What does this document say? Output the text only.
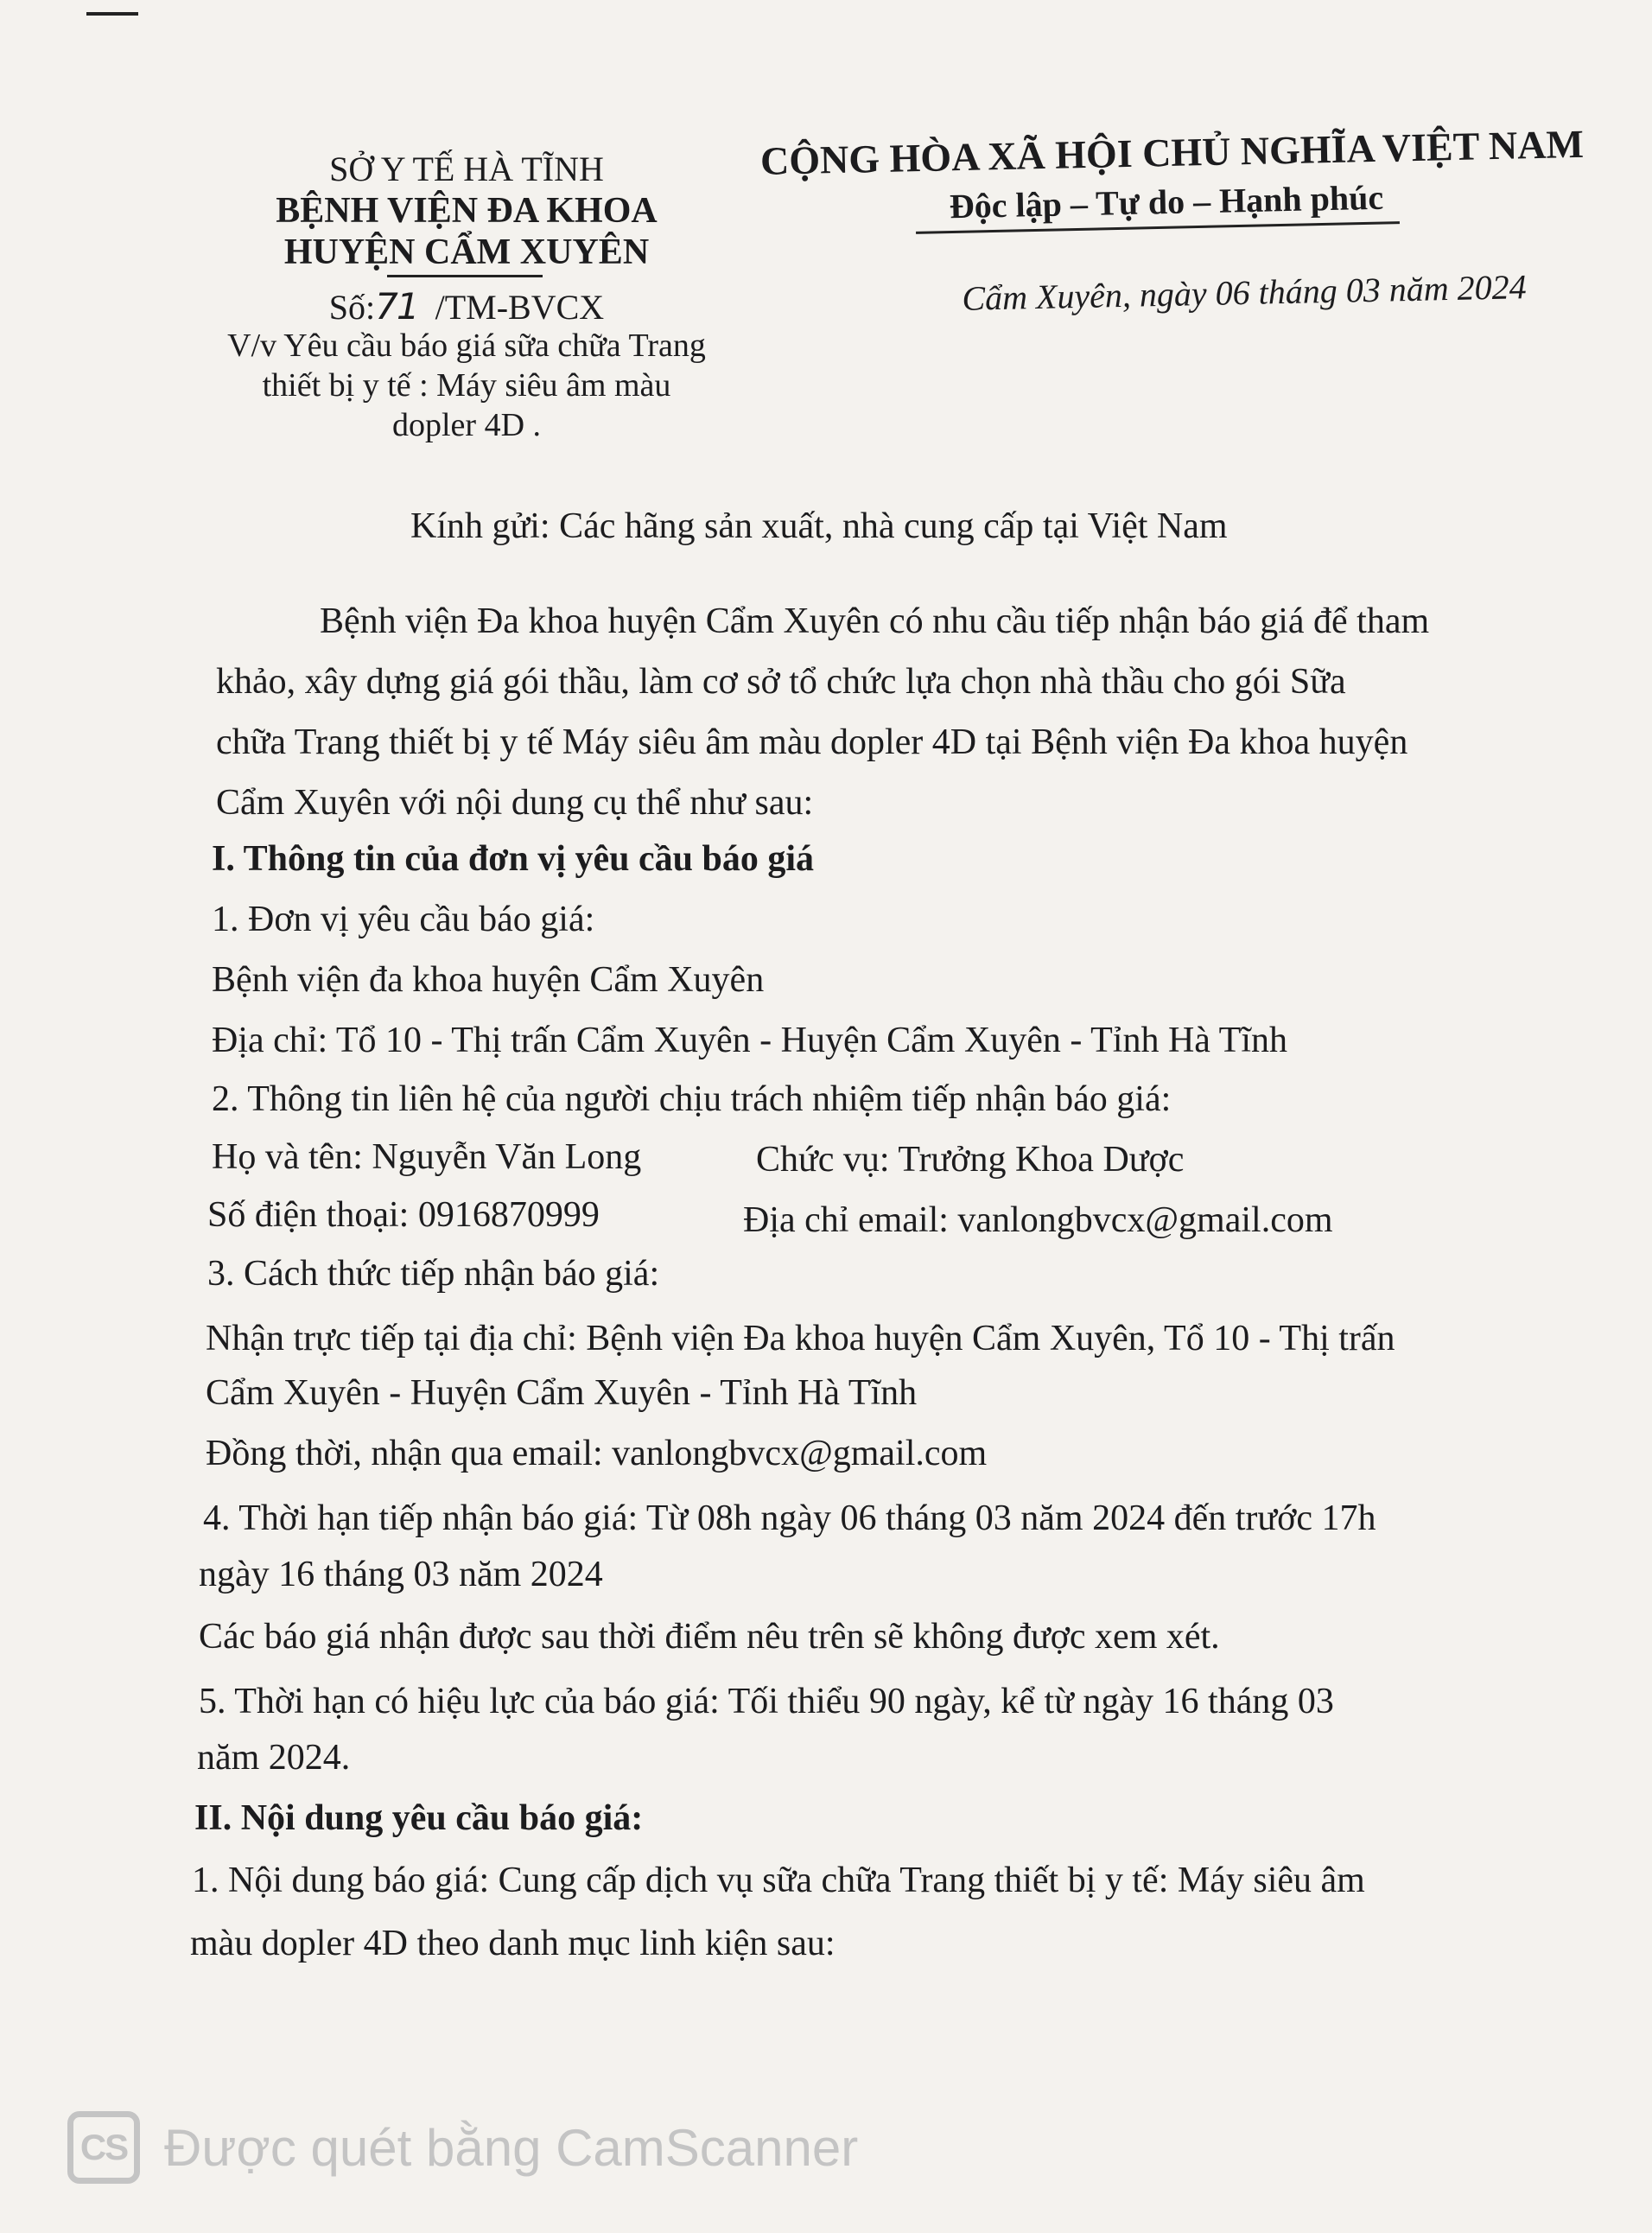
SỞ Y TẾ HÀ TĨNH
BỆNH VIỆN ĐA KHOA
HUYỆN CẨM XUYÊN
Số:71 /TM-BVCX
V/v Yêu cầu báo giá sữa chữa Trang
thiết bị y tế : Máy siêu âm màu
dopler 4D .
CỘNG HÒA XÃ HỘI CHỦ NGHĨA VIỆT NAM
Độc lập – Tự do – Hạnh phúc
Cẩm Xuyên, ngày 06 tháng 03 năm 2024
Kính gửi: Các hãng sản xuất, nhà cung cấp tại Việt Nam
Bệnh viện Đa khoa huyện Cẩm Xuyên có nhu cầu tiếp nhận báo giá để tham
khảo, xây dựng giá gói thầu, làm cơ sở tổ chức lựa chọn nhà thầu cho gói Sữa
chữa Trang thiết bị y tế Máy siêu âm màu dopler 4D tại Bệnh viện Đa khoa huyện
Cẩm Xuyên với nội dung cụ thể như sau:
I. Thông tin của đơn vị yêu cầu báo giá
1. Đơn vị yêu cầu báo giá:
Bệnh viện đa khoa huyện Cẩm Xuyên
Địa chỉ: Tổ 10 - Thị trấn Cẩm Xuyên - Huyện Cẩm Xuyên - Tỉnh Hà Tĩnh
2. Thông tin liên hệ của người chịu trách nhiệm tiếp nhận báo giá:
Họ và tên: Nguyễn Văn Long	Chức vụ: Trưởng Khoa Dược
Số điện thoại: 0916870999	Địa chỉ email: vanlongbvcx@gmail.com
3. Cách thức tiếp nhận báo giá:
Nhận trực tiếp tại địa chỉ: Bệnh viện Đa khoa huyện Cẩm Xuyên, Tổ 10 - Thị trấn
Cẩm Xuyên - Huyện Cẩm Xuyên - Tỉnh Hà Tĩnh
Đồng thời, nhận qua email: vanlongbvcx@gmail.com
4. Thời hạn tiếp nhận báo giá: Từ 08h ngày 06 tháng 03 năm 2024 đến trước 17h
ngày 16 tháng 03 năm 2024
Các báo giá nhận được sau thời điểm nêu trên sẽ không được xem xét.
5. Thời hạn có hiệu lực của báo giá: Tối thiểu 90 ngày, kể từ ngày 16 tháng 03
năm 2024.
II. Nội dung yêu cầu báo giá:
1. Nội dung báo giá: Cung cấp dịch vụ sữa chữa Trang thiết bị y tế: Máy siêu âm
màu dopler 4D theo danh mục linh kiện sau:
CS Được quét bằng CamScanner
